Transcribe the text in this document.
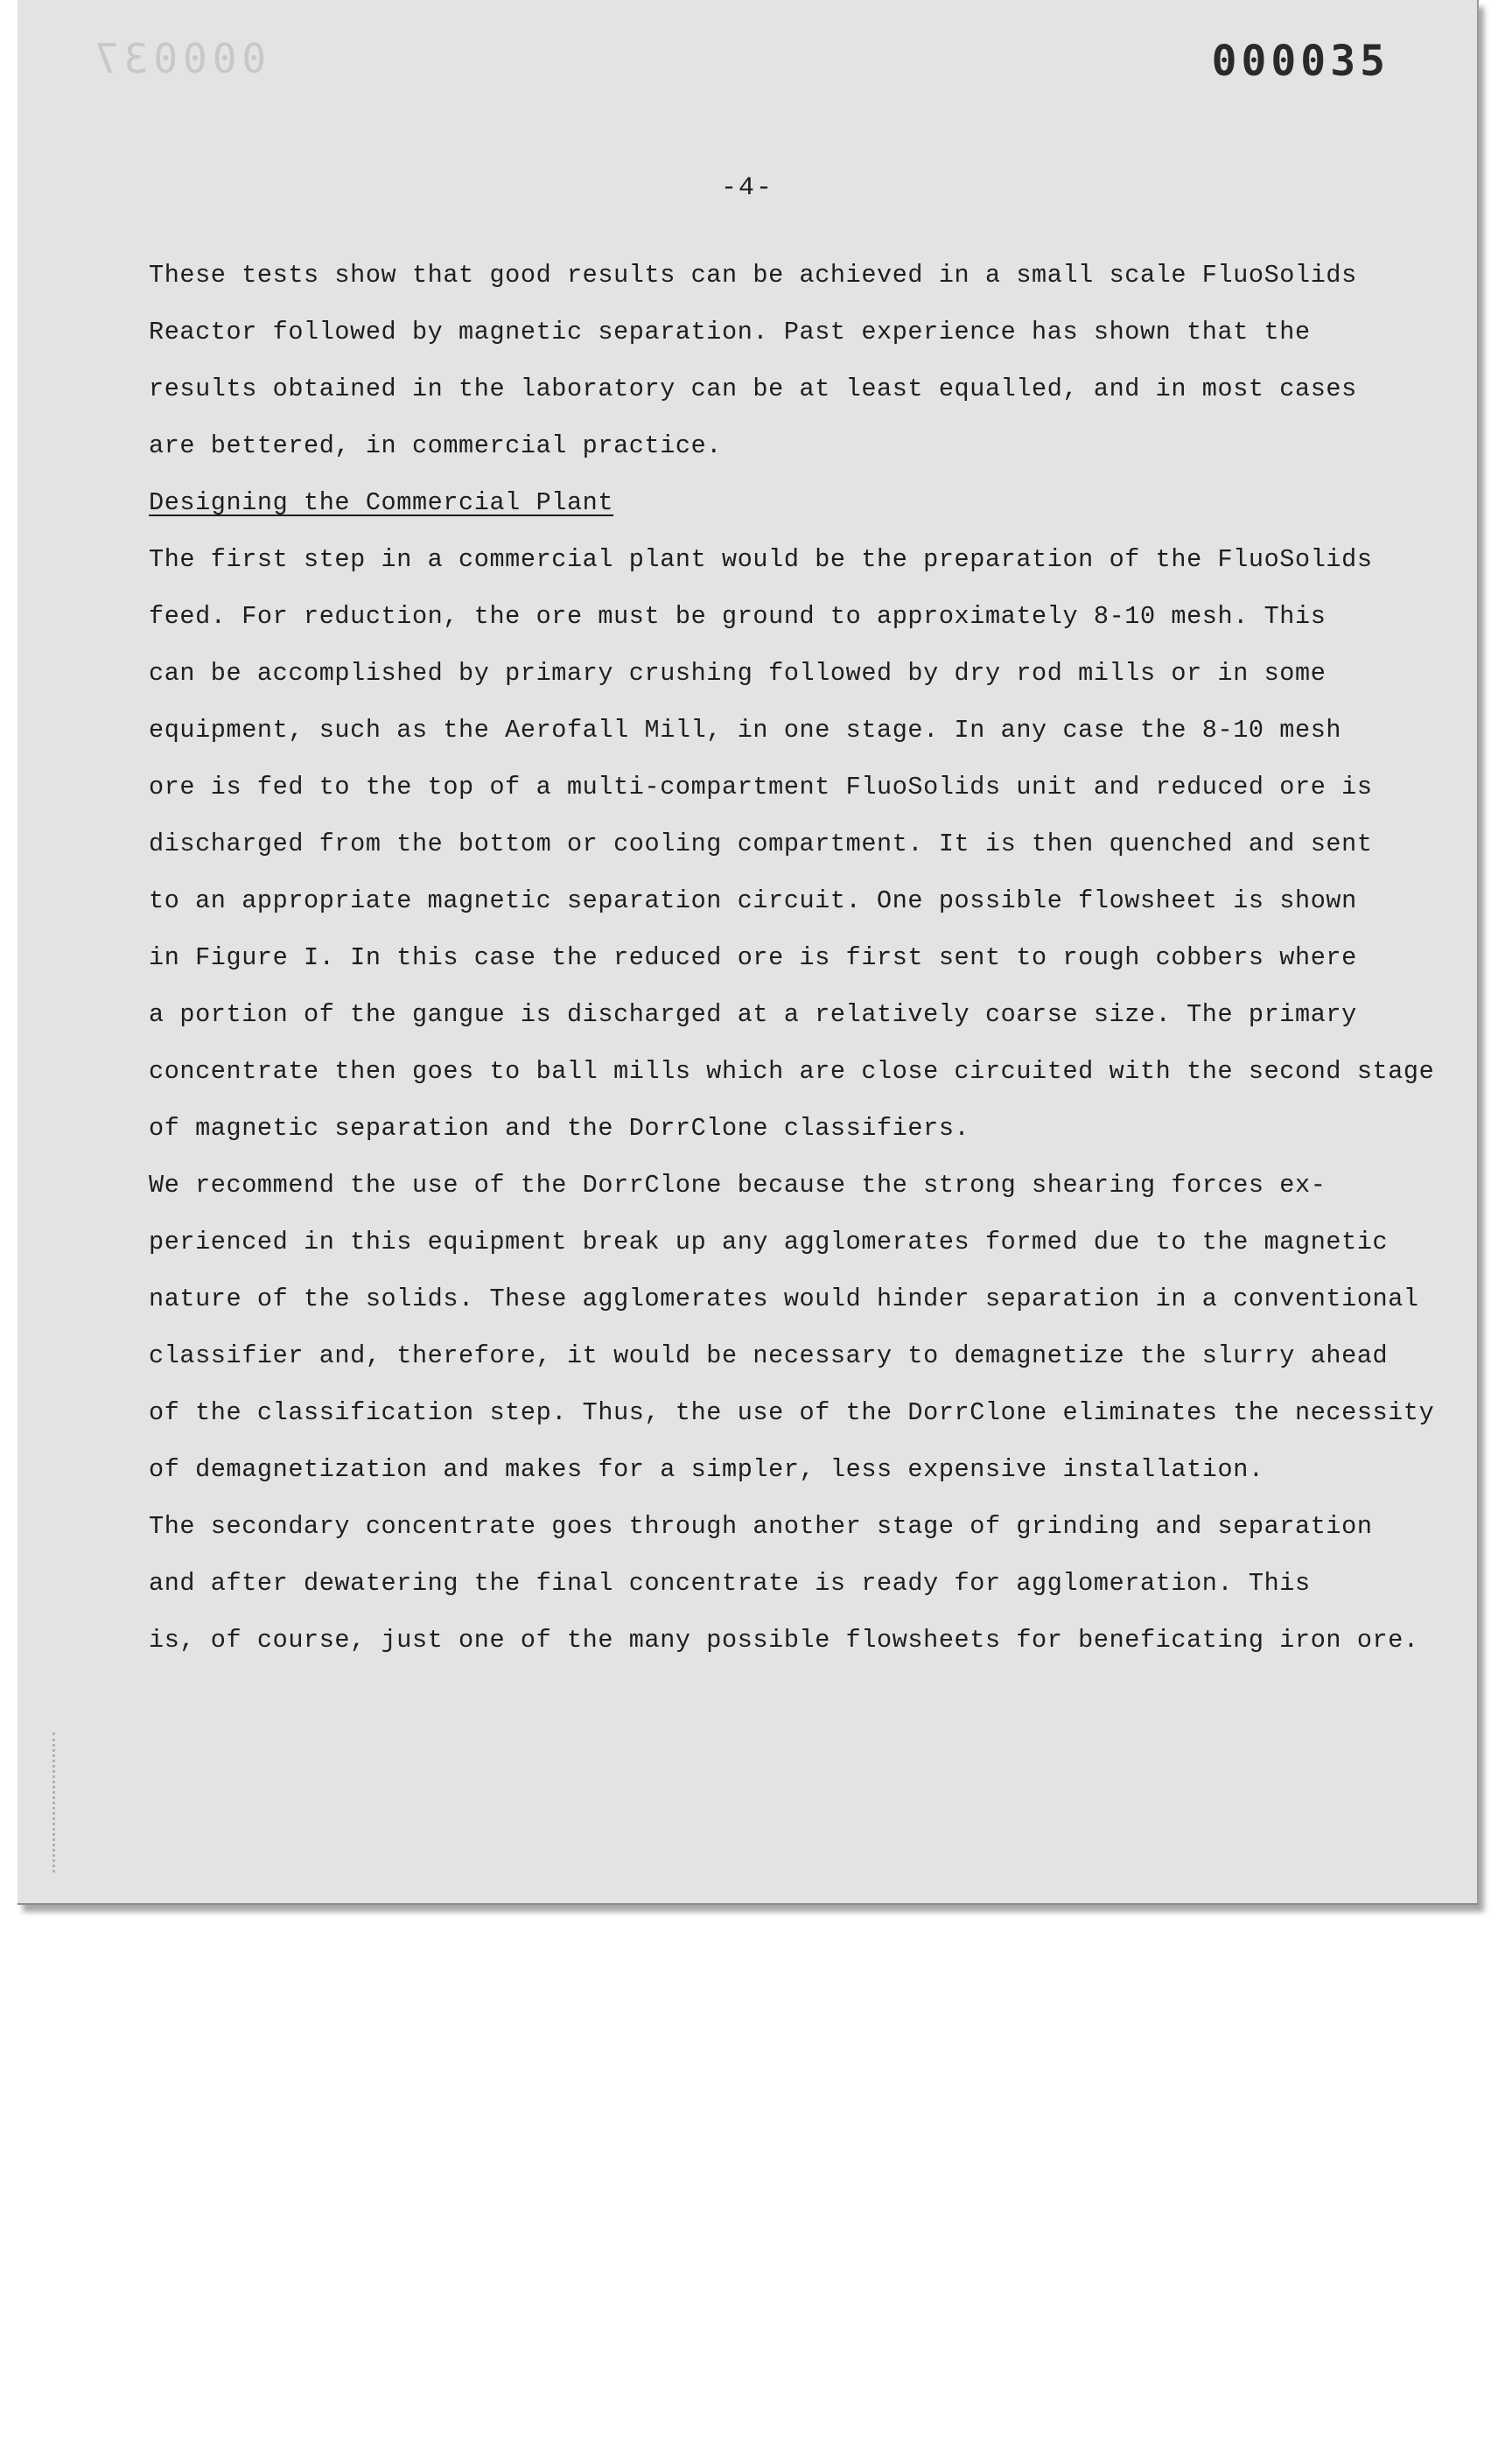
000037	000035
-4-
These tests show that good results can be achieved in a small scale FluoSolids
Reactor followed by magnetic separation. Past experience has shown that the
results obtained in the laboratory can be at least equalled, and in most cases
are bettered, in commercial practice.
Designing the Commercial Plant
The first step in a commercial plant would be the preparation of the FluoSolids
feed. For reduction, the ore must be ground to approximately 8-10 mesh. This
can be accomplished by primary crushing followed by dry rod mills or in some
equipment, such as the Aerofall Mill, in one stage. In any case the 8-10 mesh
ore is fed to the top of a multi-compartment FluoSolids unit and reduced ore is
discharged from the bottom or cooling compartment. It is then quenched and sent
to an appropriate magnetic separation circuit. One possible flowsheet is shown
in Figure I. In this case the reduced ore is first sent to rough cobbers where
a portion of the gangue is discharged at a relatively coarse size. The primary
concentrate then goes to ball mills which are close circuited with the second stage
of magnetic separation and the DorrClone classifiers.
We recommend the use of the DorrClone because the strong shearing forces ex-
perienced in this equipment break up any agglomerates formed due to the magnetic
nature of the solids. These agglomerates would hinder separation in a conventional
classifier and, therefore, it would be necessary to demagnetize the slurry ahead
of the classification step. Thus, the use of the DorrClone eliminates the necessity
of demagnetization and makes for a simpler, less expensive installation.
The secondary concentrate goes through another stage of grinding and separation
and after dewatering the final concentrate is ready for agglomeration. This
is, of course, just one of the many possible flowsheets for beneficating iron ore.
